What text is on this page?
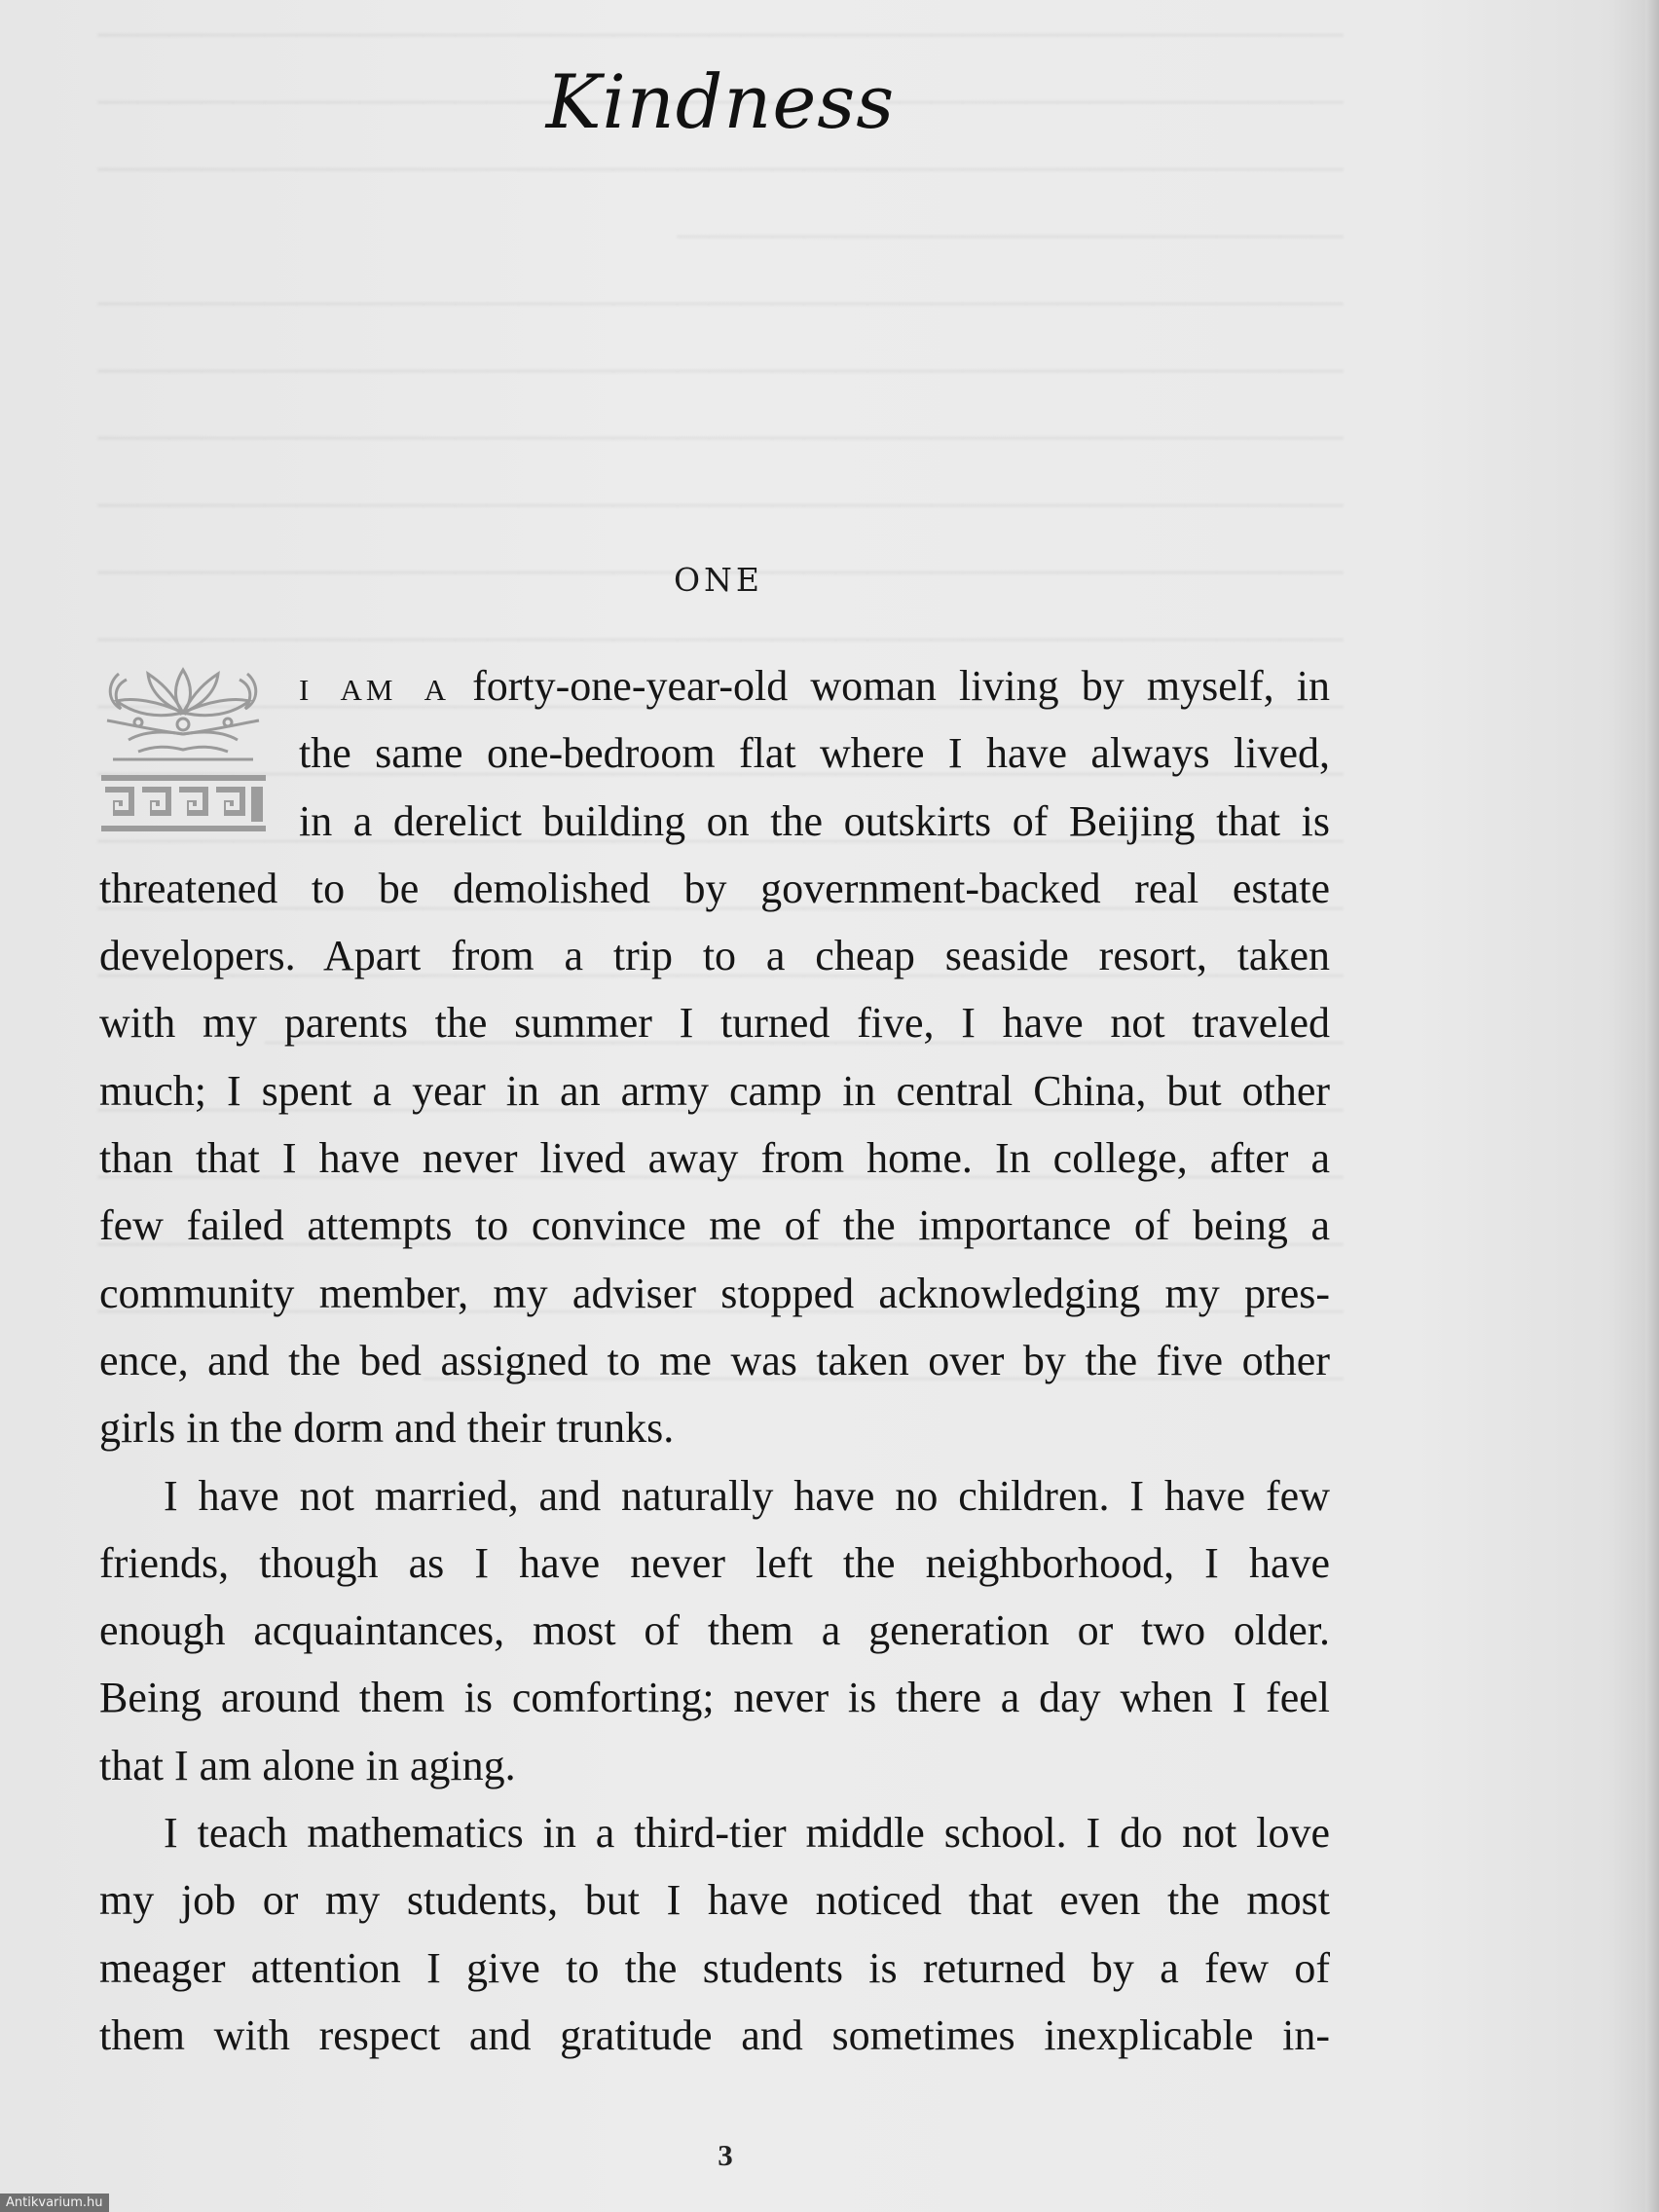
Kindness
ONE
I AM A forty-one-year-old woman living by myself, in
the same one-bedroom flat where I have always lived,
in a derelict building on the outskirts of Beijing that is
threatened to be demolished by government-backed real estate
developers. Apart from a trip to a cheap seaside resort, taken
with my parents the summer I turned five, I have not traveled
much; I spent a year in an army camp in central China, but other
than that I have never lived away from home. In college, after a
few failed attempts to convince me of the importance of being a
community member, my adviser stopped acknowledging my pres-
ence, and the bed assigned to me was taken over by the five other
girls in the dorm and their trunks.
I have not married, and naturally have no children. I have few
friends, though as I have never left the neighborhood, I have
enough acquaintances, most of them a generation or two older.
Being around them is comforting; never is there a day when I feel
that I am alone in aging.
I teach mathematics in a third-tier middle school. I do not love
my job or my students, but I have noticed that even the most
meager attention I give to the students is returned by a few of
them with respect and gratitude and sometimes inexplicable in-
3
Antikvarium.hu
